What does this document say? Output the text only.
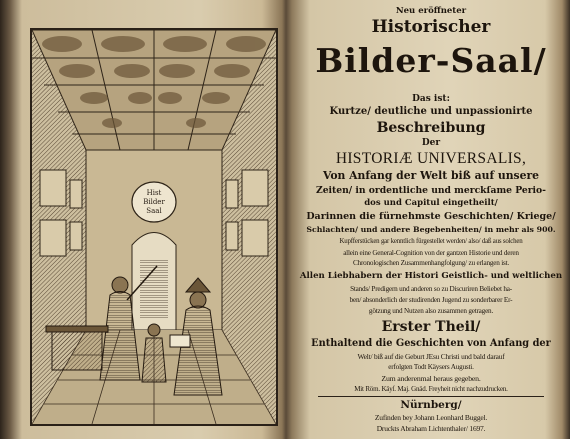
Hist
Bilder
Saal
Neu eröffneter
Historischer
Bilder-Saal/
Das ist:
Kurtze/ deutliche und unpassionirte
Beschreibung
Der
HISTORIÆ UNIVERSALIS,
Von Anfang der Welt biß auf unsere
Zeiten/ in ordentliche und merckſame Perio-
dos und Capitul eingetheilt/
Darinnen die fürnehmste Geschichten/ Kriege/
Schlachten/ und andere Begebenheiten/ in mehr als 900.
Kupfferstücken gar kenntlich fürgestellet werden/ also/ daß aus solchen
allein eine General-Cognition von der gantzen Historie und deren
Chronologischen Zusammenhangfolgung/ zu erlangen ist.
Allen Liebhabern der Histori Geistlich- und weltlichen
Stands/ Predigern und anderen so zu Discuriren Beliebet ha-
ben/ absonderlich der studirenden Jugend zu sonderbarer Er-
götzung und Nutzen also zusammen getragen.
Erster Theil/
Enthaltend die Geschichten von Anfang der
Welt/ biß auf die Geburt JEsu Christi und bald darauf
erfolgten Todt Käysers Augusti.
Zum anderenmal heraus gegeben.
Mit Röm. Käyſ. Maj. Gnäd. Freyheit nicht nachzudrucken.
Nürnberg/
Zufinden bey Johann Leonhard Buggel.
Druckts Abraham Lichtenthaler/ 1697.
